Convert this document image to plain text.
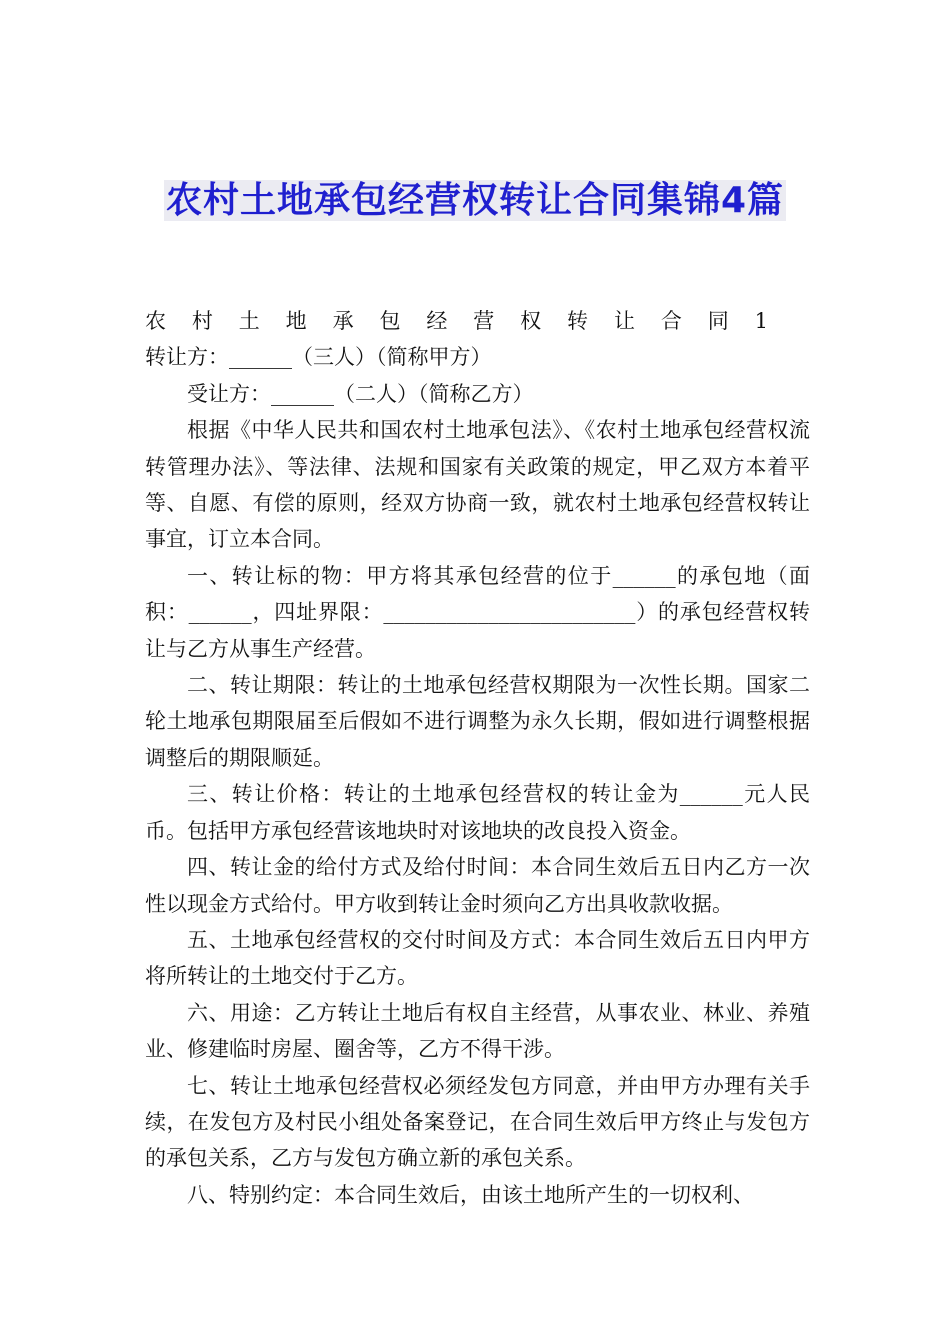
农村土地承包经营权转让合同集锦4篇

农村土地承包经营权转让合同1转让方：______（三人）（简称甲方）

受让方：______（二人）（简称乙方）

根据《中华人民共和国农村土地承包法》、《农村土地承包经营权流转管理办法》、等法律、法规和国家有关政策的规定，甲乙双方本着平等、自愿、有偿的原则，经双方协商一致，就农村土地承包经营权转让事宜，订立本合同。

一、转让标的物：甲方将其承包经营的位于______的承包地（面积：______，四址界限：________________________）的承包经营权转让与乙方从事生产经营。

二、转让期限：转让的土地承包经营权期限为一次性长期。国家二轮土地承包期限届至后假如不进行调整为永久长期，假如进行调整根据调整后的期限顺延。

三、转让价格：转让的土地承包经营权的转让金为______元人民币。包括甲方承包经营该地块时对该地块的改良投入资金。

四、转让金的给付方式及给付时间：本合同生效后五日内乙方一次性以现金方式给付。甲方收到转让金时须向乙方出具收款收据。

五、土地承包经营权的交付时间及方式：本合同生效后五日内甲方将所转让的土地交付于乙方。

六、用途：乙方转让土地后有权自主经营，从事农业、林业、养殖业、修建临时房屋、圈舍等，乙方不得干涉。

七、转让土地承包经营权必须经发包方同意，并由甲方办理有关手续，在发包方及村民小组处备案登记，在合同生效后甲方终止与发包方的承包关系，乙方与发包方确立新的承包关系。

八、特别约定：本合同生效后，由该土地所产生的一切权利、
